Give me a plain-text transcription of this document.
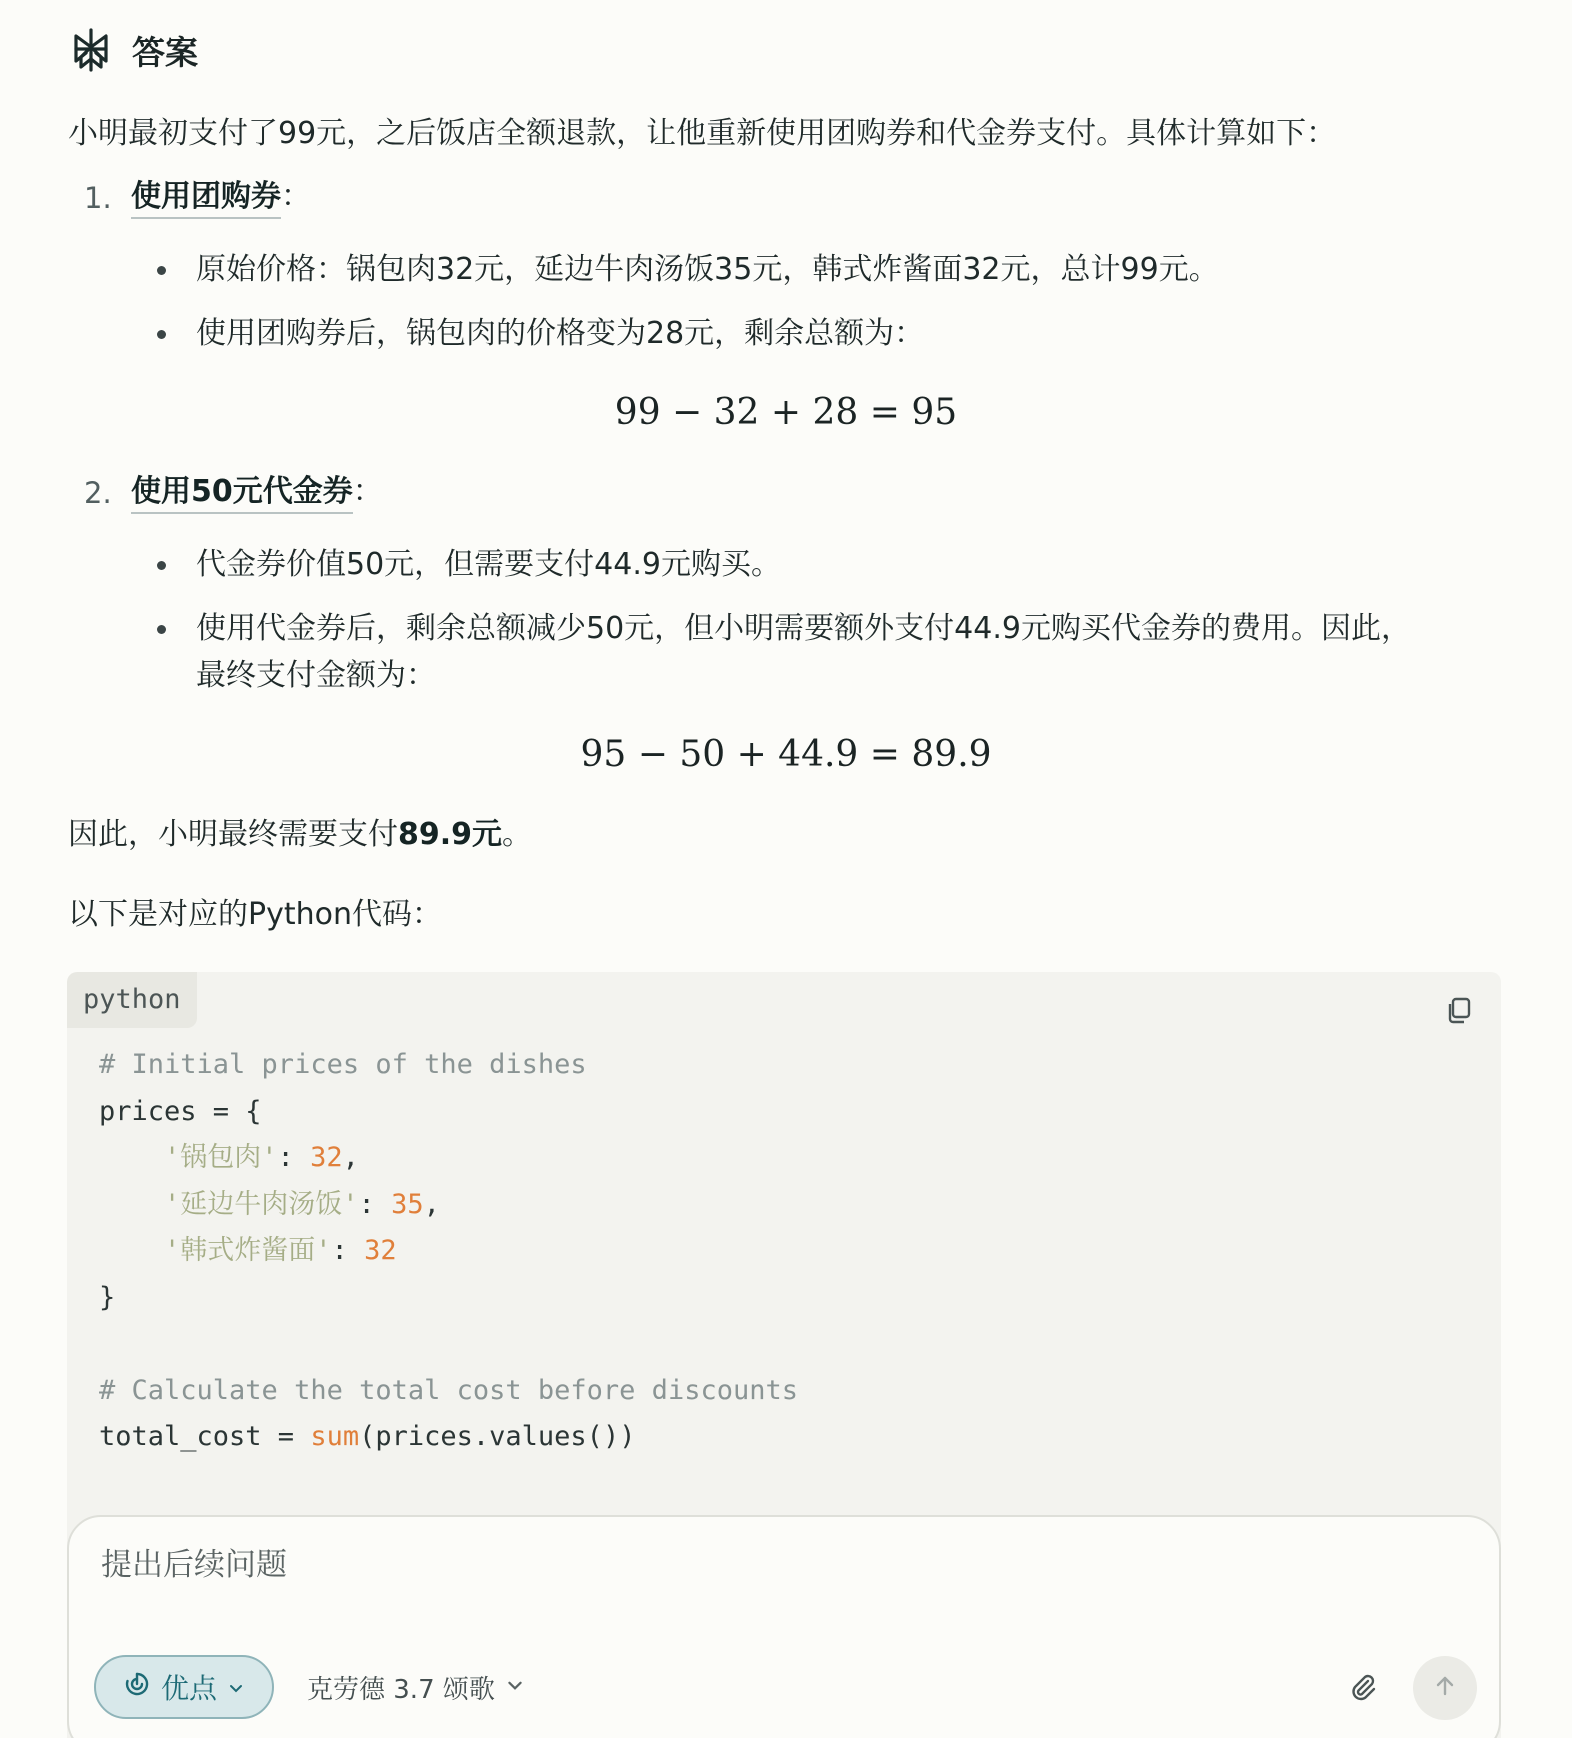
答案
小明最初支付了99元，之后饭店全额退款，让他重新使用团购券和代金券支付。具体计算如下：
1. 使用团购券：
原始价格：锅包肉32元，延边牛肉汤饭35元，韩式炸酱面32元，总计99元。
使用团购券后，锅包肉的价格变为28元，剩余总额为：
99 − 32 + 28 = 95
2. 使用50元代金券：
代金券价值50元，但需要支付44.9元购买。
使用代金券后，剩余总额减少50元，但小明需要额外支付44.9元购买代金券的费用。因此，
最终支付金额为：
95 − 50 + 44.9 = 89.9
因此，小明最终需要支付89.9元。
以下是对应的Python代码：
python
# Initial prices of the dishes
prices = {
'锅包肉': 32,
'延边牛肉汤饭': 35,
'韩式炸酱面': 32
}
# Calculate the total cost before discounts
total_cost = sum(prices.values())
提出后续问题
优点	克劳德 3.7 颂歌
